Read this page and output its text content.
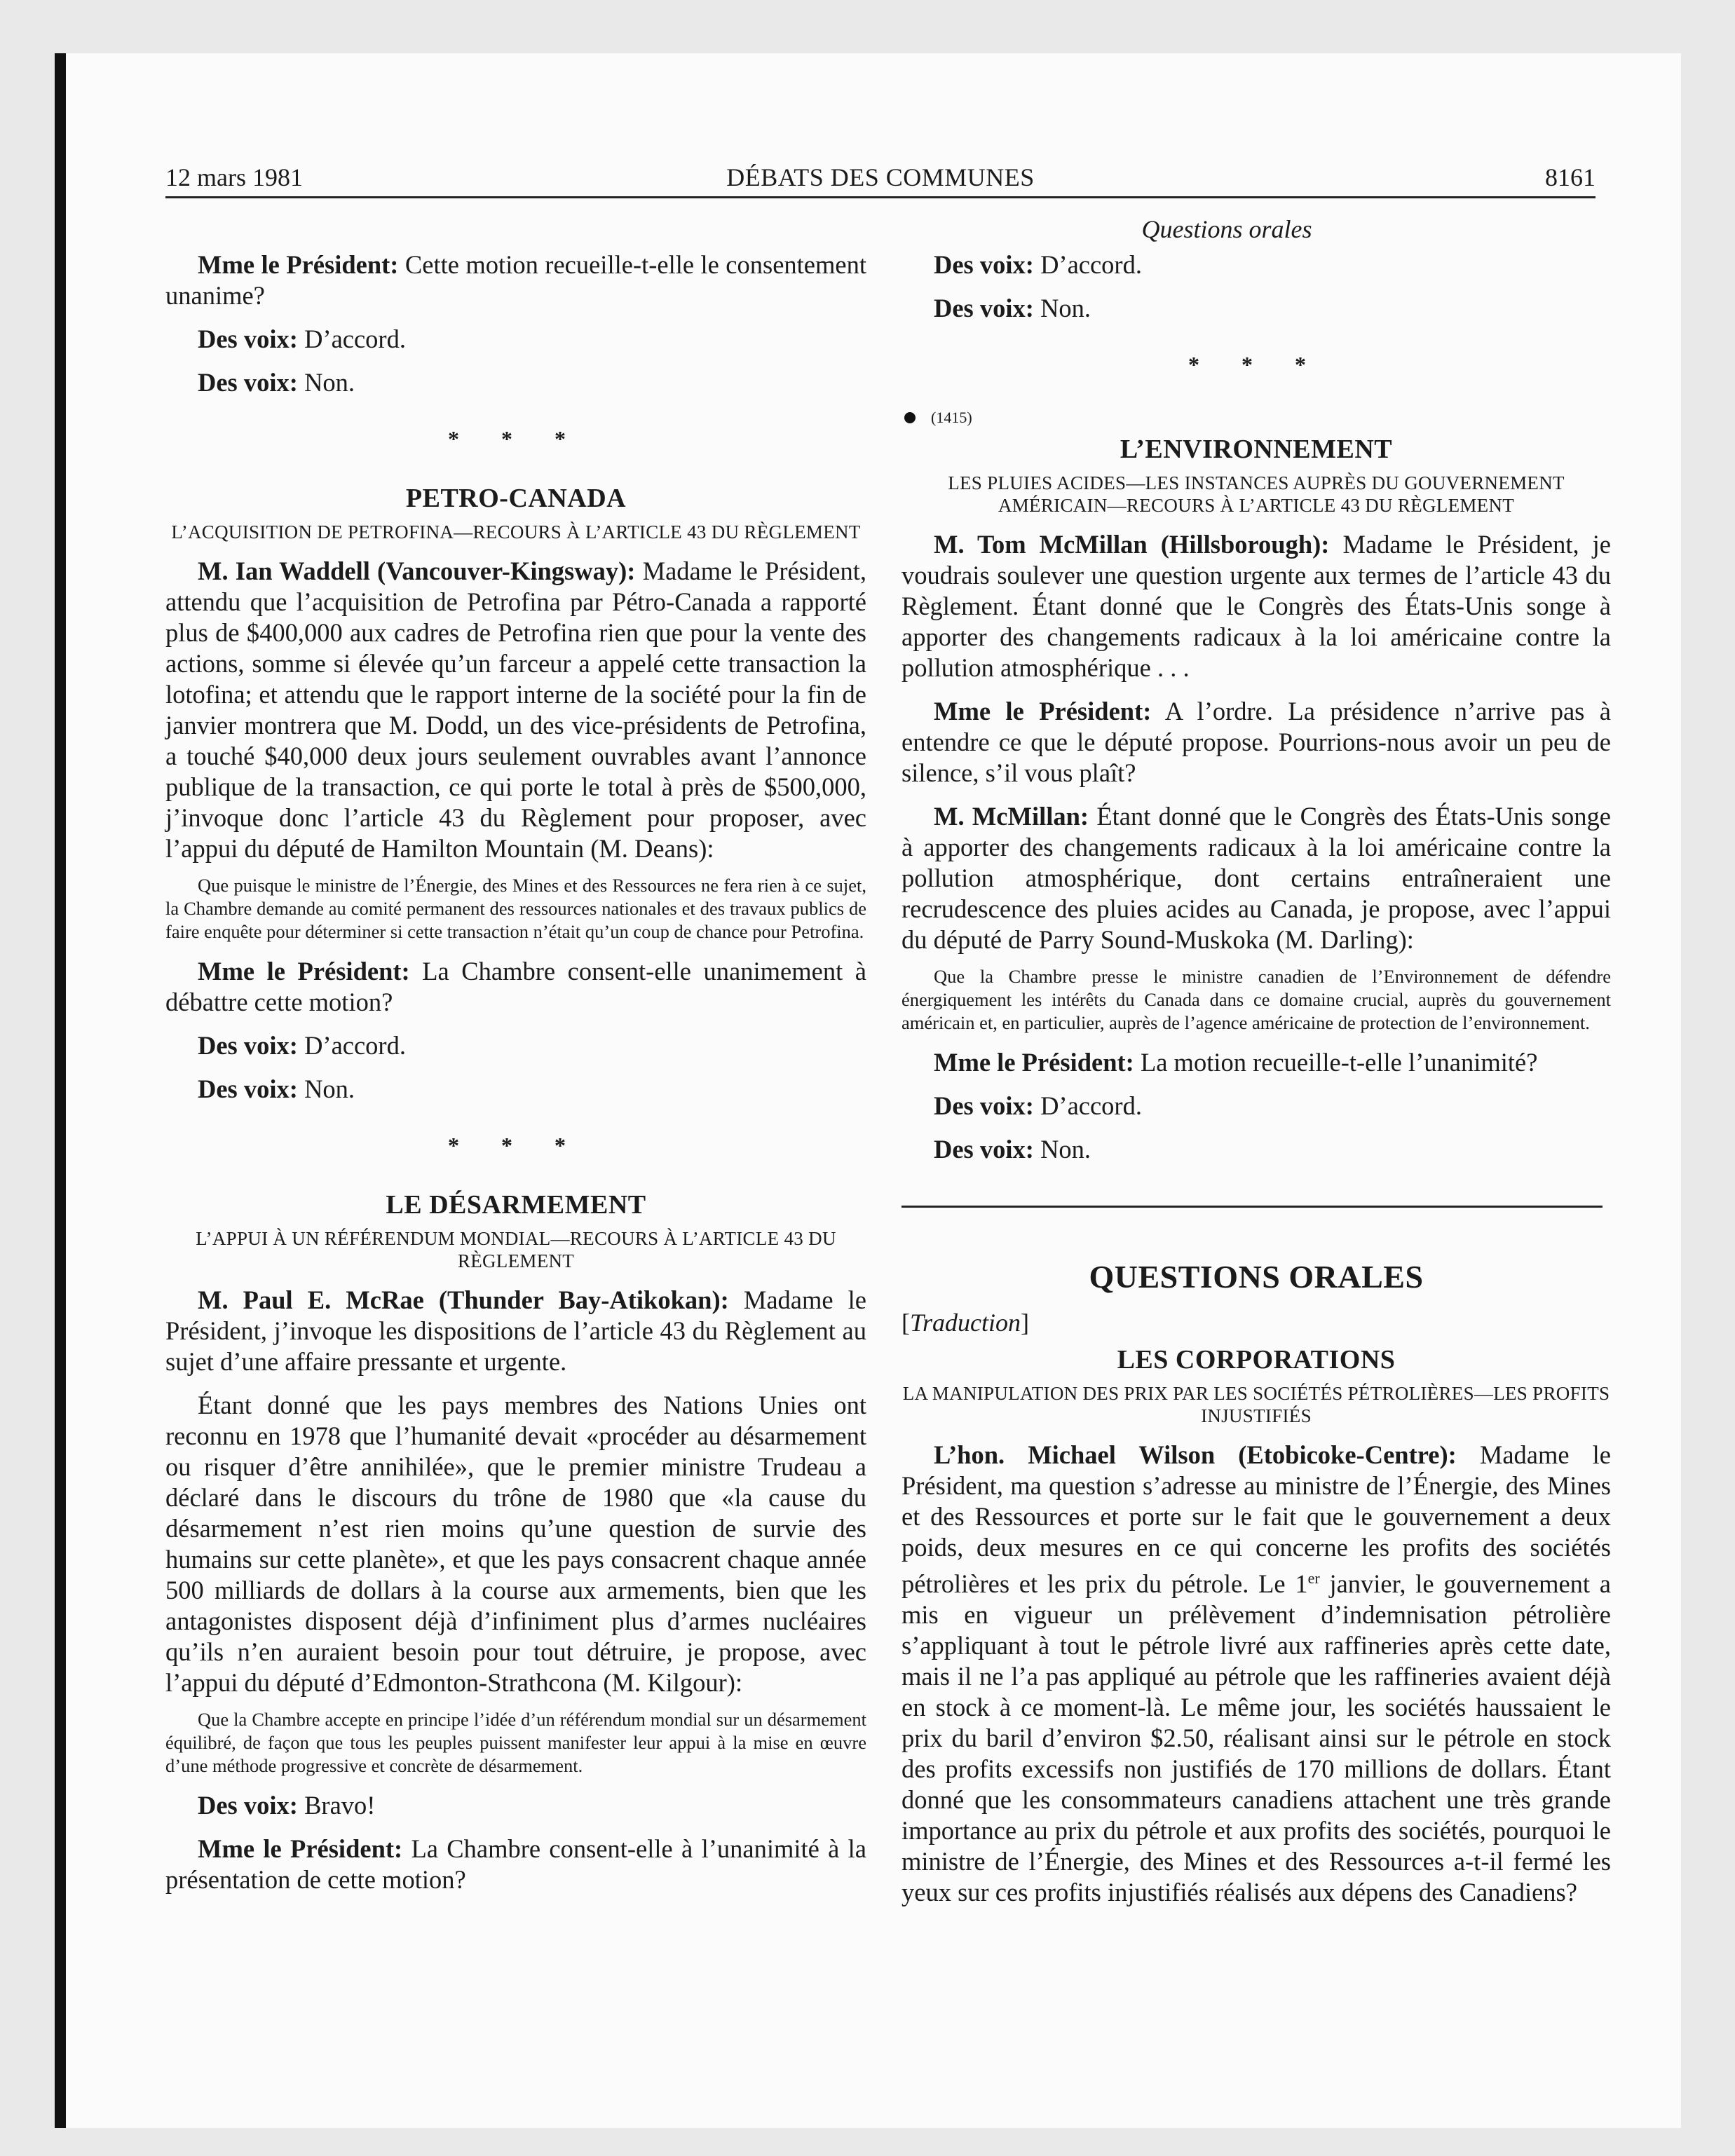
12 mars 1981	DÉBATS DES COMMUNES	8161
Questions orales

Mme le Président: Cette motion recueille-t-elle le consentement unanime?

Des voix: D’accord.

Des voix: Non.

* * *
PETRO-CANADA
L’ACQUISITION DE PETROFINA—RECOURS À L’ARTICLE 43 DU RÈGLEMENT

M. Ian Waddell (Vancouver-Kingsway): Madame le Président, attendu que l’acquisition de Petrofina par Pétro-Canada a rapporté plus de $400,000 aux cadres de Petrofina rien que pour la vente des actions, somme si élevée qu’un farceur a appelé cette transaction la lotofina; et attendu que le rapport interne de la société pour la fin de janvier montrera que M. Dodd, un des vice-présidents de Petrofina, a touché $40,000 deux jours seulement ouvrables avant l’annonce publique de la transaction, ce qui porte le total à près de $500,000, j’invoque donc l’article 43 du Règlement pour proposer, avec l’appui du député de Hamilton Mountain (M. Deans):

Que puisque le ministre de l’Énergie, des Mines et des Ressources ne fera rien à ce sujet, la Chambre demande au comité permanent des ressources nationales et des travaux publics de faire enquête pour déterminer si cette transaction n’était qu’un coup de chance pour Petrofina.

Mme le Président: La Chambre consent-elle unanimement à débattre cette motion?

Des voix: D’accord.

Des voix: Non.

* * *
LE DÉSARMEMENT
L’APPUI À UN RÉFÉRENDUM MONDIAL—RECOURS À L’ARTICLE 43 DU RÈGLEMENT

M. Paul E. McRae (Thunder Bay-Atikokan): Madame le Président, j’invoque les dispositions de l’article 43 du Règlement au sujet d’une affaire pressante et urgente.

Étant donné que les pays membres des Nations Unies ont reconnu en 1978 que l’humanité devait «procéder au désarmement ou risquer d’être annihilée», que le premier ministre Trudeau a déclaré dans le discours du trône de 1980 que «la cause du désarmement n’est rien moins qu’une question de survie des humains sur cette planète», et que les pays consacrent chaque année 500 milliards de dollars à la course aux armements, bien que les antagonistes disposent déjà d’infiniment plus d’armes nucléaires qu’ils n’en auraient besoin pour tout détruire, je propose, avec l’appui du député d’Edmonton-Strathcona (M. Kilgour):

Que la Chambre accepte en principe l’idée d’un référendum mondial sur un désarmement équilibré, de façon que tous les peuples puissent manifester leur appui à la mise en œuvre d’une méthode progressive et concrète de désarmement.

Des voix: Bravo!

Mme le Président: La Chambre consent-elle à l’unanimité à la présentation de cette motion?

Des voix: D’accord.

Des voix: Non.

* * *
(1415)
L’ENVIRONNEMENT
LES PLUIES ACIDES—LES INSTANCES AUPRÈS DU GOUVERNEMENT AMÉRICAIN—RECOURS À L’ARTICLE 43 DU RÈGLEMENT

M. Tom McMillan (Hillsborough): Madame le Président, je voudrais soulever une question urgente aux termes de l’article 43 du Règlement. Étant donné que le Congrès des États-Unis songe à apporter des changements radicaux à la loi américaine contre la pollution atmosphérique . . .

Mme le Président: A l’ordre. La présidence n’arrive pas à entendre ce que le député propose. Pourrions-nous avoir un peu de silence, s’il vous plaît?

M. McMillan: Étant donné que le Congrès des États-Unis songe à apporter des changements radicaux à la loi américaine contre la pollution atmosphérique, dont certains entraîneraient une recrudescence des pluies acides au Canada, je propose, avec l’appui du député de Parry Sound-Muskoka (M. Darling):

Que la Chambre presse le ministre canadien de l’Environnement de défendre énergiquement les intérêts du Canada dans ce domaine crucial, auprès du gouvernement américain et, en particulier, auprès de l’agence américaine de protection de l’environnement.

Mme le Président: La motion recueille-t-elle l’unanimité?

Des voix: D’accord.

Des voix: Non.

QUESTIONS ORALES
[Traduction]
LES CORPORATIONS
LA MANIPULATION DES PRIX PAR LES SOCIÉTÉS PÉTROLIÈRES—LES PROFITS INJUSTIFIÉS

L’hon. Michael Wilson (Etobicoke-Centre): Madame le Président, ma question s’adresse au ministre de l’Énergie, des Mines et des Ressources et porte sur le fait que le gouvernement a deux poids, deux mesures en ce qui concerne les profits des sociétés pétrolières et les prix du pétrole. Le 1er janvier, le gouvernement a mis en vigueur un prélèvement d’indemnisation pétrolière s’appliquant à tout le pétrole livré aux raffineries après cette date, mais il ne l’a pas appliqué au pétrole que les raffineries avaient déjà en stock à ce moment-là. Le même jour, les sociétés haussaient le prix du baril d’environ $2.50, réalisant ainsi sur le pétrole en stock des profits excessifs non justifiés de 170 millions de dollars. Étant donné que les consommateurs canadiens attachent une très grande importance au prix du pétrole et aux profits des sociétés, pourquoi le ministre de l’Énergie, des Mines et des Ressources a-t-il fermé les yeux sur ces profits injustifiés réalisés aux dépens des Canadiens?
